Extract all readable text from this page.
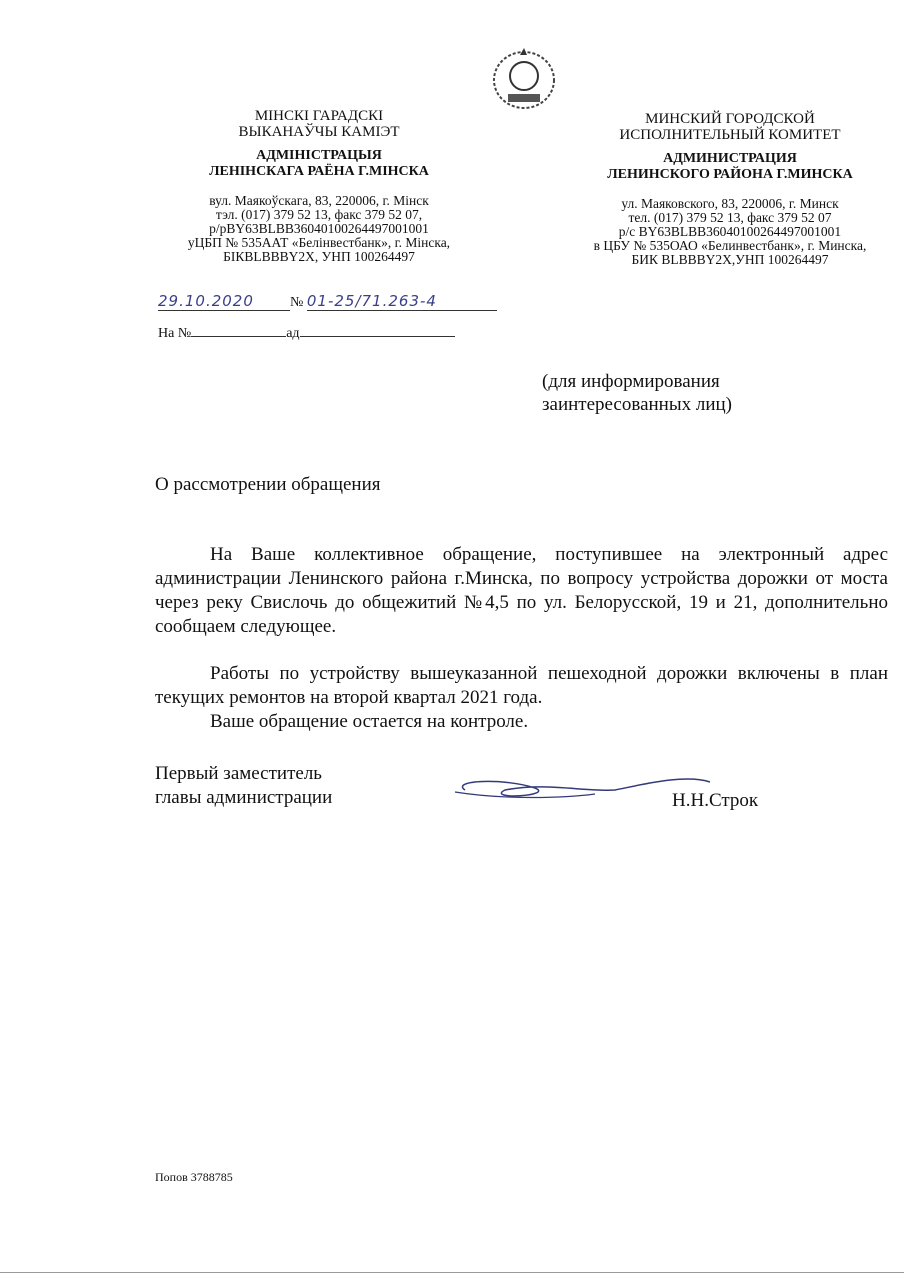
МІНСКІ ГАРАДСКІ
ВЫКАНАЎЧЫ КАМІЭТ
АДМІНІСТРАЦЫЯ
ЛЕНІНСКАГА РАЁНА Г.МІНСКА
вул. Маякоўскага, 83, 220006, г. Мінск
тэл. (017) 379 52 13, факс 379 52 07,
р/рBY63BLBB36040100264497001001
уЦБП № 535ААТ «Белінвестбанк», г. Мінска,
БІКBLBBBY2X, УНП 100264497
МИНСКИЙ ГОРОДСКОЙ
ИСПОЛНИТЕЛЬНЫЙ КОМИТЕТ
АДМИНИСТРАЦИЯ
ЛЕНИНСКОГО РАЙОНА Г.МИНСКА
ул. Маяковского, 83, 220006, г. Минск
тел. (017) 379 52 13, факс 379 52 07
р/с BY63BLBB36040100264497001001
в ЦБУ № 535ОАО «Белинвестбанк», г. Минска,
БИК BLBBBY2X,УНП 100264497
29.10.2020	№ 01-25/71.263-4
На №	ад
(для информирования
заинтересованных лиц)
О рассмотрении обращения

На Ваше коллективное обращение, поступившее на электронный адрес администрации Ленинского района г.Минска, по вопросу устройства дорожки от моста через реку Свислочь до общежитий №4,5 по ул. Белорусской, 19 и 21, дополнительно сообщаем следующее.

Работы по устройству вышеуказанной пешеходной дорожки включены в план текущих ремонтов на второй квартал 2021 года.

Ваше обращение остается на контроле.

Первый заместитель
главы администрации	Н.Н.Строк
Попов 3788785
